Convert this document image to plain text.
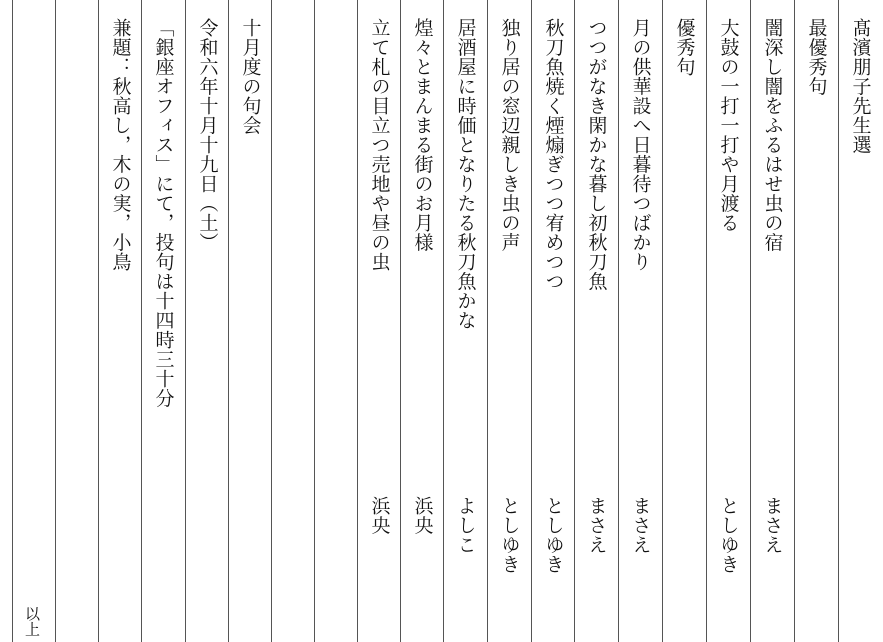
髙濱朋子先生選
最優秀句
闇深し闇をふるはせ虫の宿
まさえ
大鼓の一打一打や月渡る
としゆき
優秀句
月の供華設へ日暮待つばかり
まさえ
つつがなき閑かな暮し初秋刀魚
まさえ
秋刀魚焼く煙煽ぎつつ宥めつつ
としゆき
独り居の窓辺親しき虫の声
としゆき
居酒屋に時価となりたる秋刀魚かな
よしこ
煌々とまんまる街のお月様
浜央
立て札の目立つ売地や昼の虫
浜央
十月度の句会
令和六年十月十九日（土）
「銀座オフィス」にて，投句は十四時三十分
兼題：秋高し，木の実，小鳥
以上
